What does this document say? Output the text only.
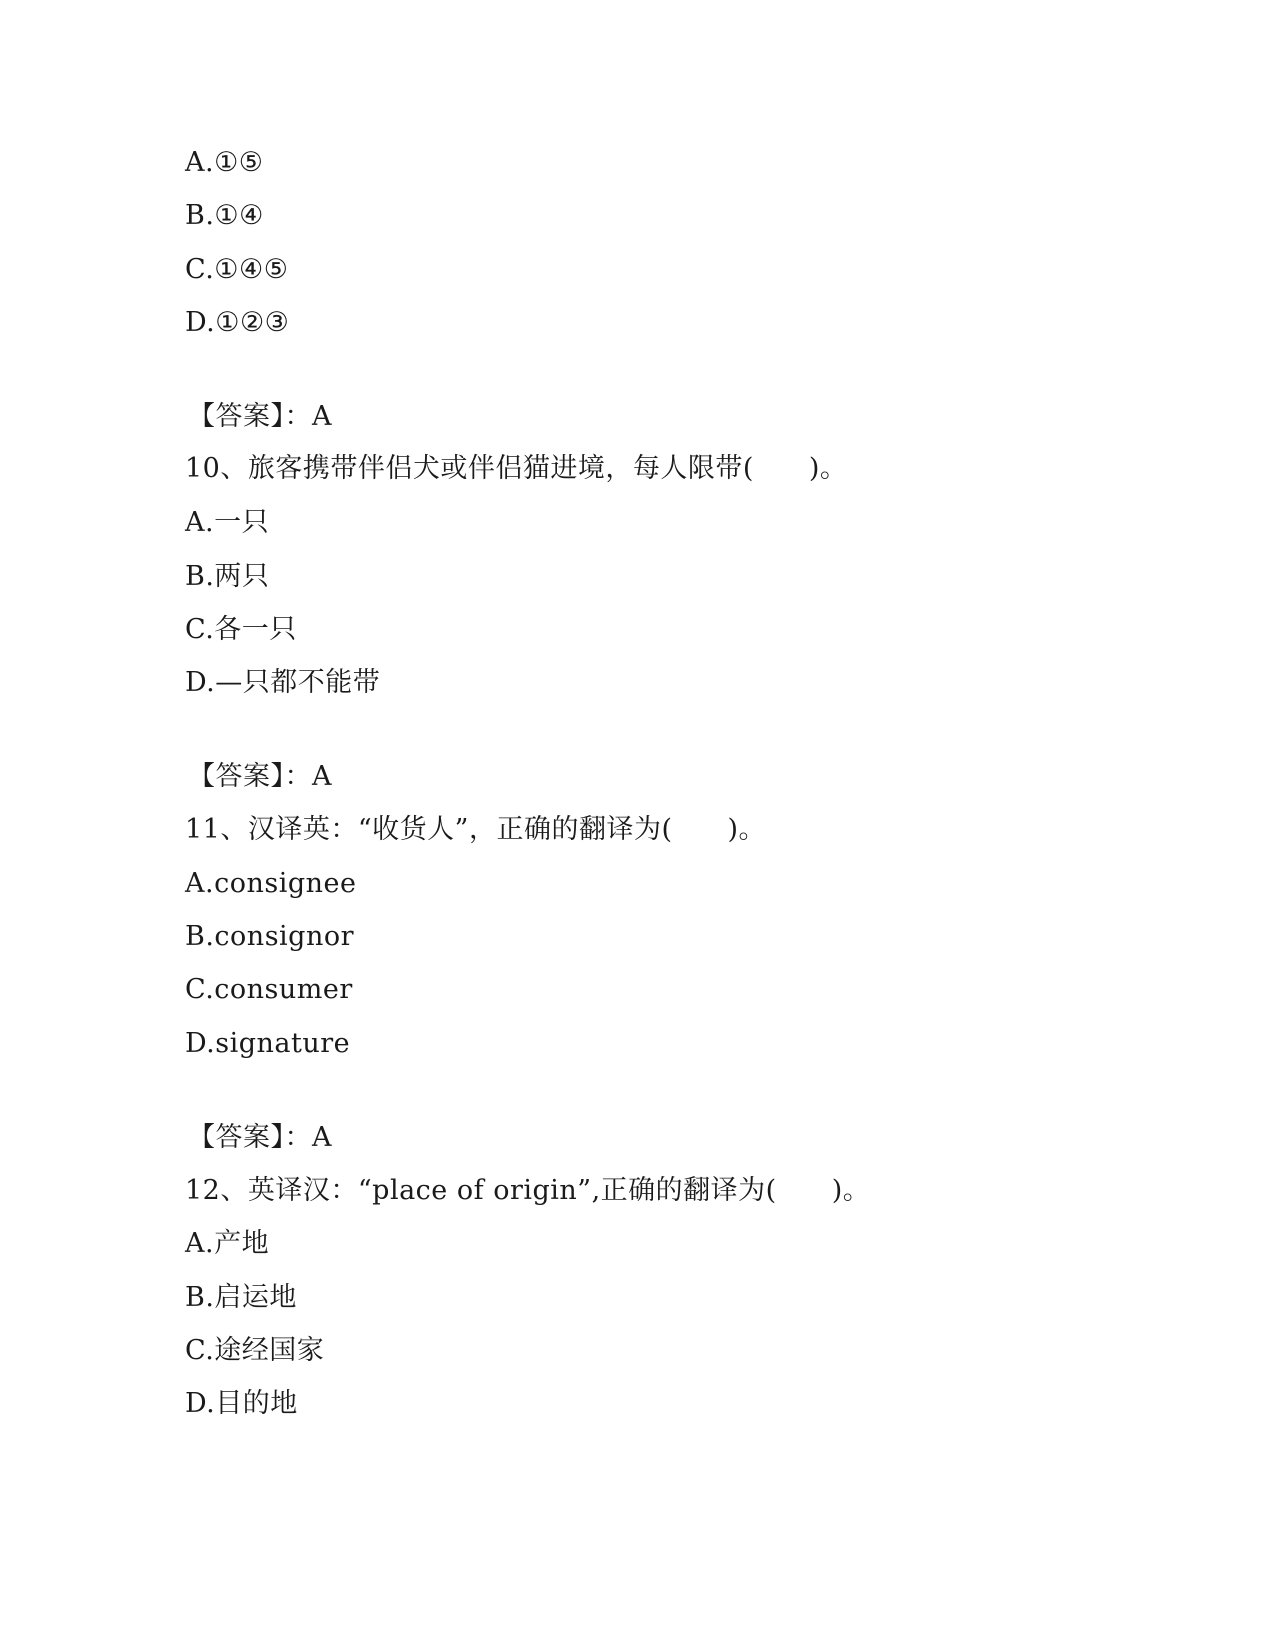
A.①⑤
B.①④
C.①④⑤
D.①②③
【答案】：A
10、旅客携带伴侣犬或伴侣猫进境，每人限带(　　)。
A.一只
B.两只
C.各一只
D.—只都不能带
【答案】：A
11、汉译英：“收货人”，正确的翻译为(　　)。
A.consignee
B.consignor
C.consumer
D.signature
【答案】：A
12、英译汉：“place of origin”,正确的翻译为(　　)。
A.产地
B.启运地
C.途经国家
D.目的地
